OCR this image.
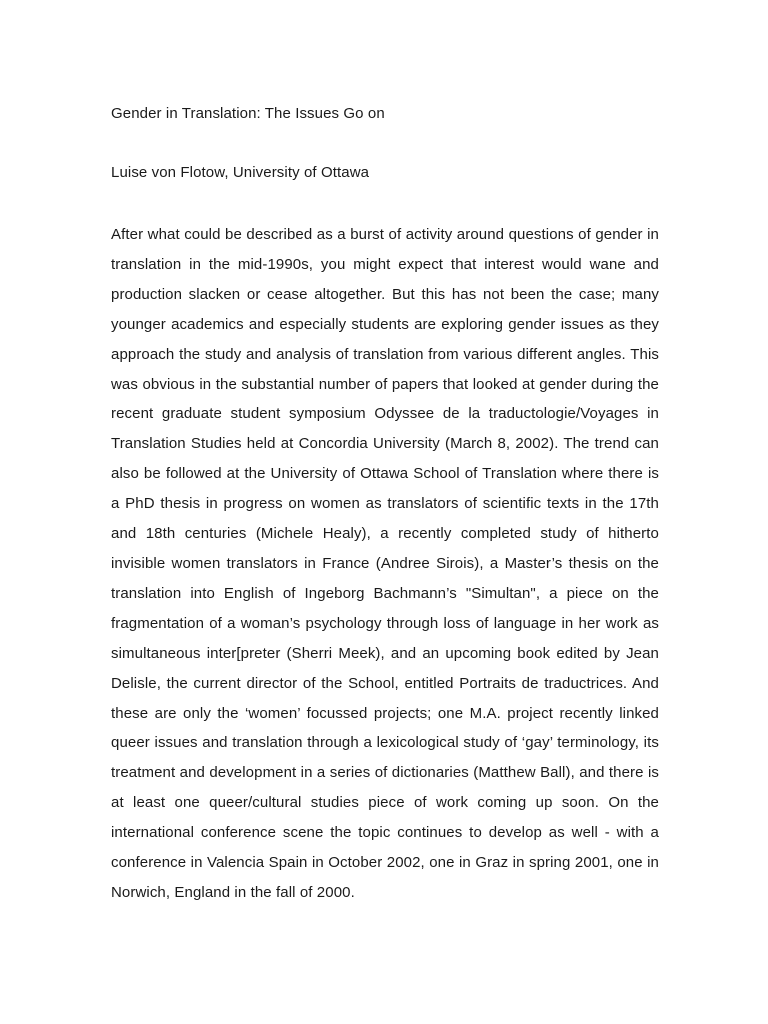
Gender in Translation: The Issues Go on

Luise von Flotow, University of Ottawa

After what could be described as a burst of activity around questions of gender in translation in the mid-1990s, you might expect that interest would wane and production slacken or cease altogether. But this has not been the case; many younger academics and especially students are exploring gender issues as they approach the study and analysis of translation from various different angles. This was obvious in the substantial number of papers that looked at gender during the recent graduate student symposium Odyssee de la traductologie/Voyages in Translation Studies held at Concordia University (March 8, 2002). The trend can also be followed at the University of Ottawa School of Translation where there is a PhD thesis in progress on women as translators of scientific texts in the 17th and 18th centuries (Michele Healy), a recently completed study of hitherto invisible women translators in France (Andree Sirois), a Master’s thesis on the translation into English of Ingeborg Bachmann’s "Simultan", a piece on the fragmentation of a woman’s psychology through loss of language in her work as simultaneous inter[preter (Sherri Meek), and an upcoming book edited by Jean Delisle, the current director of the School, entitled Portraits de traductrices. And these are only the ‘women’ focussed projects; one M.A. project recently linked queer issues and translation through a lexicological study of ‘gay’ terminology, its treatment and development in a series of dictionaries (Matthew Ball), and there is at least one queer/cultural studies piece of work coming up soon. On the international conference scene the topic continues to develop as well - with a conference in Valencia Spain in October 2002, one in Graz in spring 2001, one in Norwich, England in the fall of 2000.
